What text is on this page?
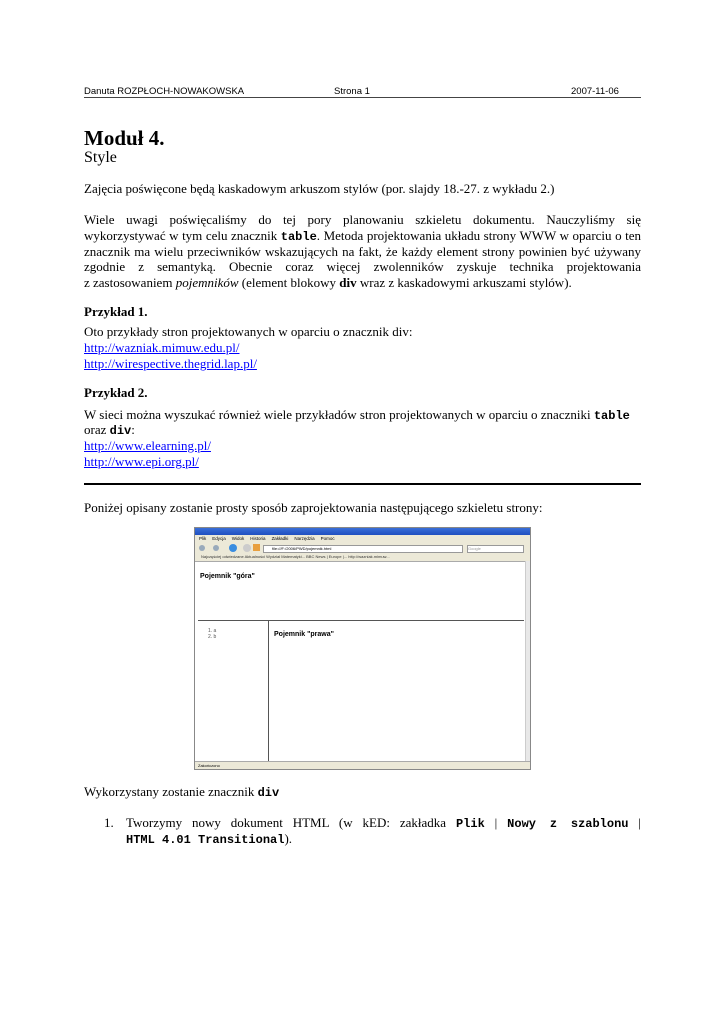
Danuta ROZPŁOCH-NOWAKOWSKA	Strona 1	2007-11-06
Moduł 4.
Style
Zajęcia poświęcone będą kaskadowym arkuszom stylów (por. slajdy 18.-27. z wykładu 2.)
Wiele uwagi poświęcaliśmy do tej pory planowaniu szkieletu dokumentu. Nauczyliśmy się
wykorzystywać w tym celu znacznik table. Metoda projektowania układu strony WWW w oparciu o ten
znacznik ma wielu przeciwników wskazujących na fakt, że każdy element strony powinien być używany
zgodnie z semantyką. Obecnie coraz więcej zwolenników zyskuje technika projektowania
z zastosowaniem pojemników (element blokowy div wraz z kaskadowymi arkuszami stylów).
Przykład 1.
Oto przykłady stron projektowanych w oparciu o znacznik div:
http://wazniak.mimuw.edu.pl/
http://wirespective.thegrid.lap.pl/
Przykład 2.
W sieci można wyszukać również wiele przykładów stron projektowanych w oparciu o znaczniki table
oraz div:
http://www.elearning.pl/
http://www.epi.org.pl/
Poniżej opisany zostanie prosty sposób zaprojektowania następującego szkieletu strony:
Plik Edycja Widok Historia Zakładki Narzędzia Pomoc
file:///F:/2006/PWD/pojemnik.html	Google
Najczęściej odwiedzane Aktualności Wydział Matematyki... BBC News | Europe |... http://wazniak.mimuw...
Pojemnik "góra"
1. a
2. b	Pojemnik "prawa"
Zakończono
Wykorzystany zostanie znacznik div
1. Tworzymy nowy dokument HTML (w kED: zakładka Plik | Nowy z szablonu |
HTML 4.01 Transitional).
